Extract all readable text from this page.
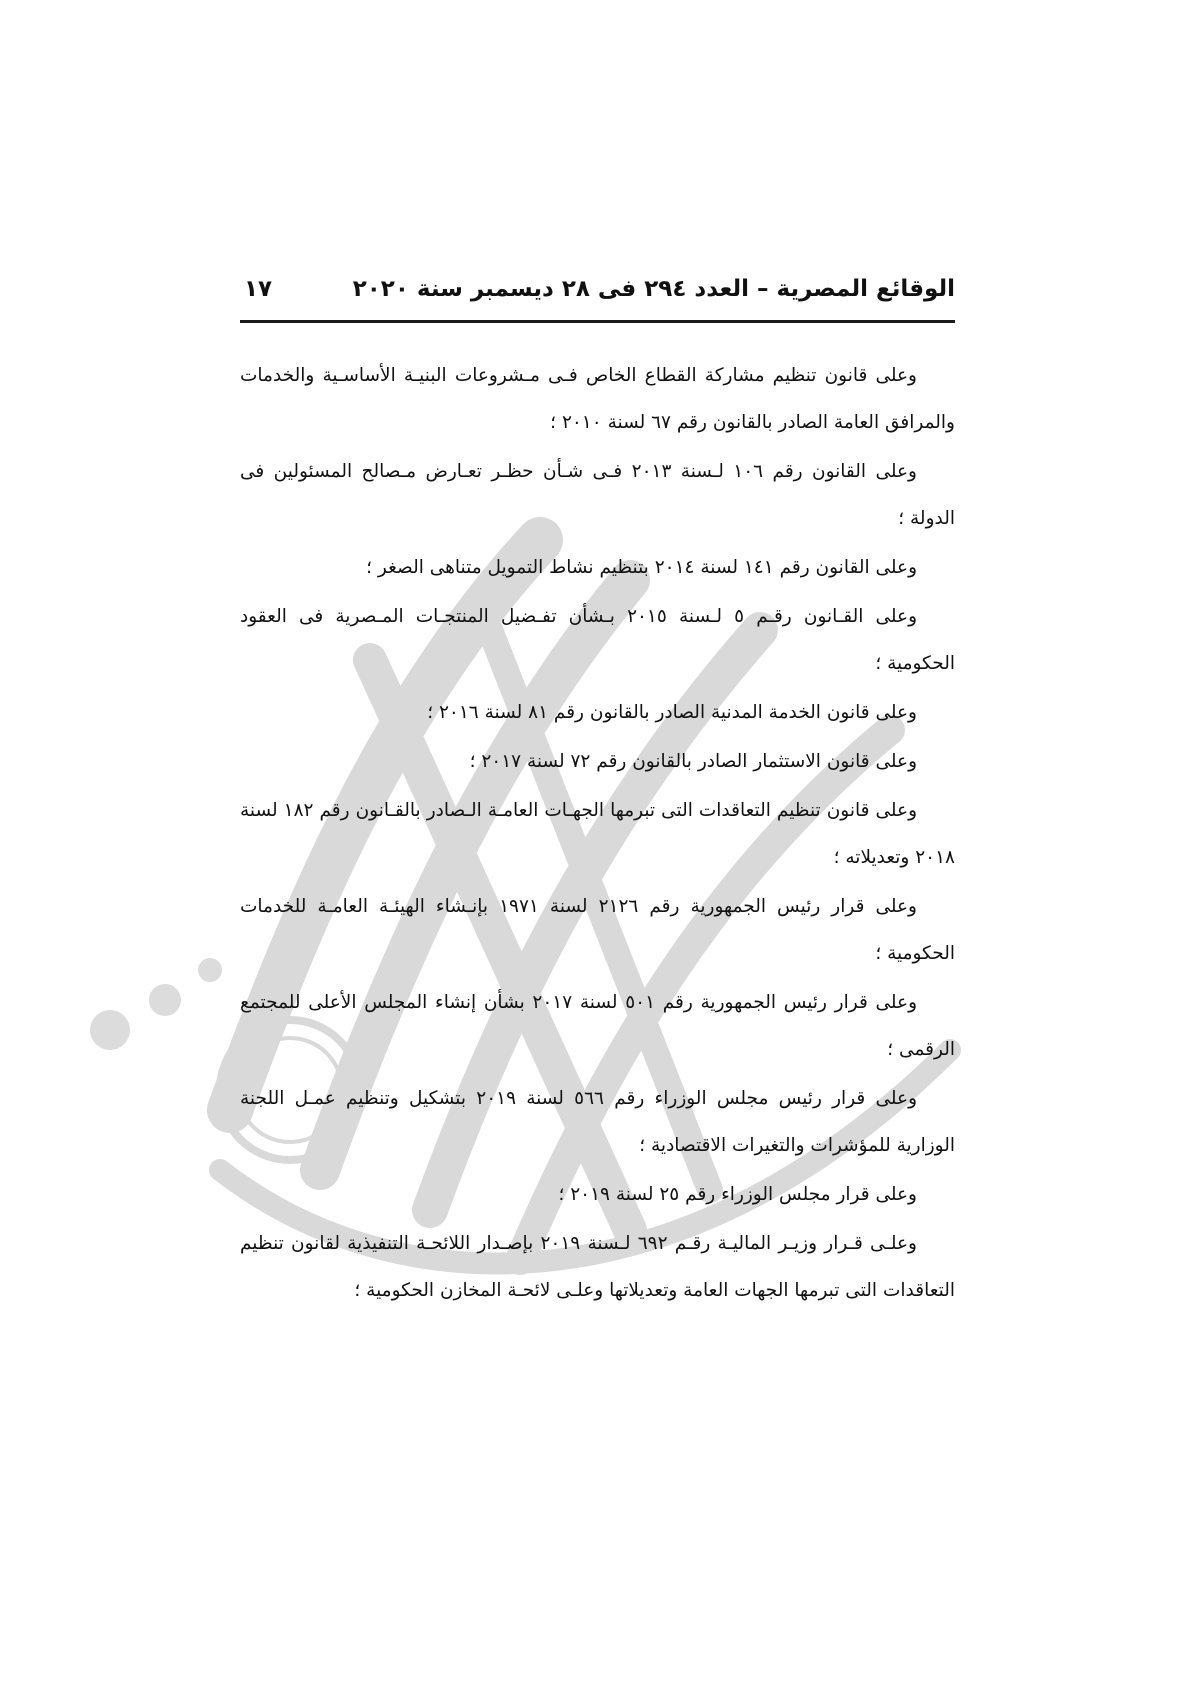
الوقائع المصرية – العدد ٢٩٤ فى ٢٨ ديسمبر سنة ٢٠٢٠
١٧

وعلى قانون تنظيم مشاركة القطاع الخاص فـى مـشروعات البنيـة الأساسـية والخدمات والمرافق العامة الصادر بالقانون رقم ٦٧ لسنة ٢٠١٠ ؛

وعلى القانون رقم ١٠٦ لـسنة ٢٠١٣ فـى شـأن حظـر تعـارض مـصالح المسئولين فى الدولة ؛

وعلى القانون رقم ١٤١ لسنة ٢٠١٤ بتنظيم نشاط التمويل متناهى الصغر ؛

وعلى القـانون رقـم ٥ لـسنة ٢٠١٥ بـشأن تفـضيل المنتجـات المـصرية فى العقود الحكومية ؛

وعلى قانون الخدمة المدنية الصادر بالقانون رقم ٨١ لسنة ٢٠١٦ ؛

وعلى قانون الاستثمار الصادر بالقانون رقم ٧٢ لسنة ٢٠١٧ ؛

وعلى قانون تنظيم التعاقدات التى تبرمها الجهـات العامـة الـصادر بالقـانون رقم ١٨٢ لسنة ٢٠١٨ وتعديلاته ؛

وعلى قرار رئيس الجمهورية رقم ٢١٢٦ لسنة ١٩٧١ بإنـشاء الهيئـة العامـة للخدمات الحكومية ؛

وعلى قرار رئيس الجمهورية رقم ٥٠١ لسنة ٢٠١٧ بشأن إنشاء المجلس الأعلى للمجتمع الرقمى ؛

وعلى قرار رئيس مجلس الوزراء رقم ٥٦٦ لسنة ٢٠١٩ بتشكيل وتنظيم عمـل اللجنة الوزارية للمؤشرات والتغيرات الاقتصادية ؛

وعلى قرار مجلس الوزراء رقم ٢٥ لسنة ٢٠١٩ ؛

وعلـى قـرار وزيـر الماليـة رقـم ٦٩٢ لـسنة ٢٠١٩ بإصـدار اللائحـة التنفيذية لقانون تنظيم التعاقدات التى تبرمها الجهات العامة وتعديلاتها وعلـى لائحـة المخازن الحكومية ؛
